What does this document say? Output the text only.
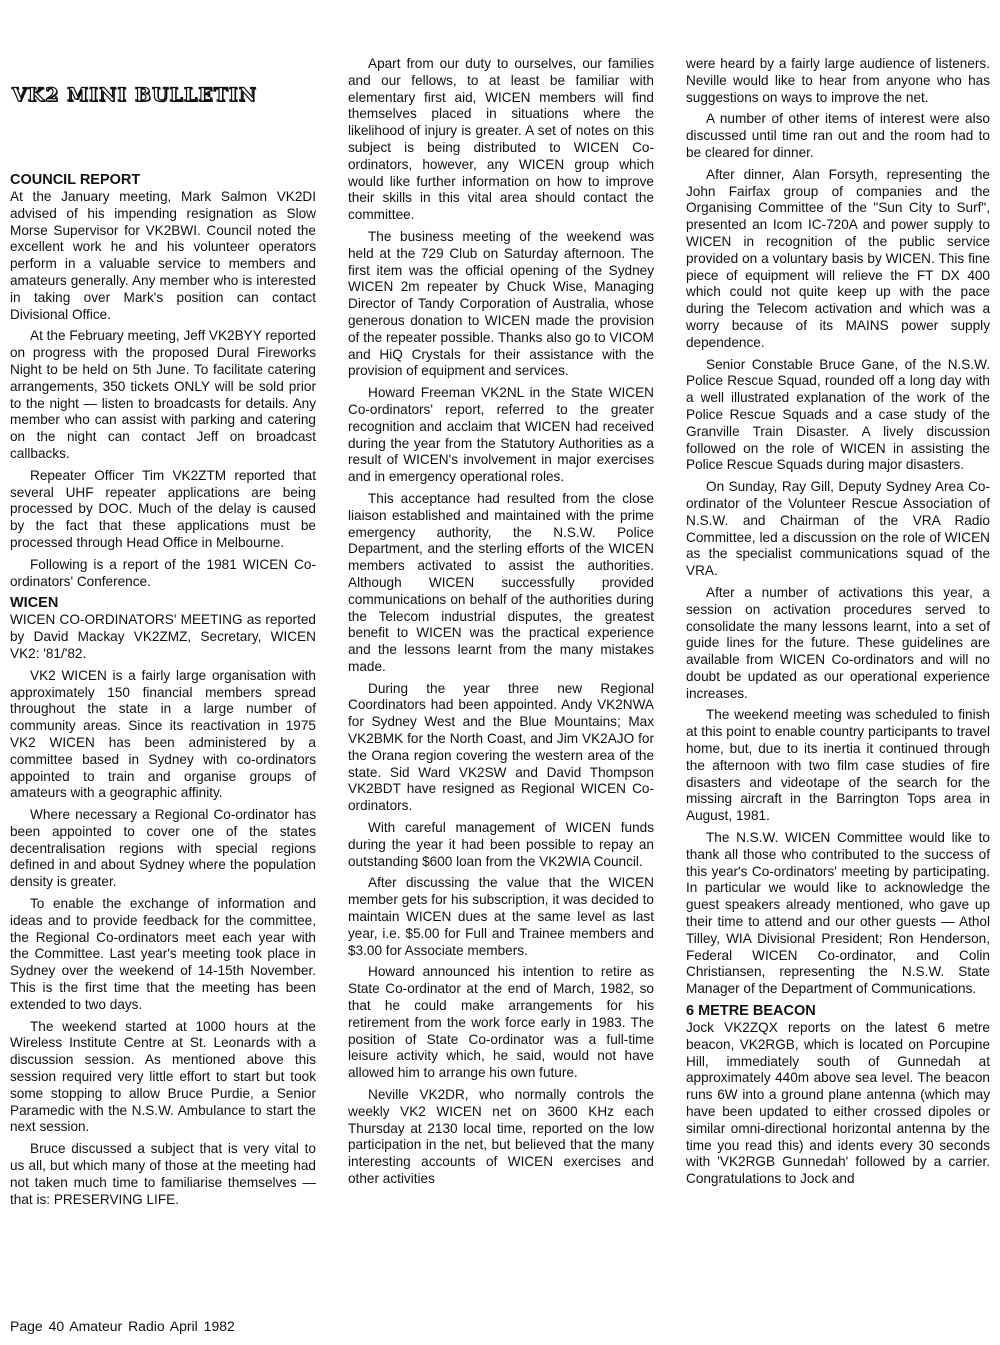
VK2 MINI BULLETIN
COUNCIL REPORT

At the January meeting, Mark Salmon VK2DI advised of his impending resignation as Slow Morse Supervisor for VK2BWI. Council noted the excellent work he and his volunteer operators perform in a valuable service to members and amateurs generally. Any member who is interested in taking over Mark's position can contact Divisional Office.

At the February meeting, Jeff VK2BYY reported on progress with the proposed Dural Fireworks Night to be held on 5th June. To facilitate catering arrangements, 350 tickets ONLY will be sold prior to the night — listen to broadcasts for details. Any member who can assist with parking and catering on the night can contact Jeff on broadcast callbacks.

Repeater Officer Tim VK2ZTM reported that several UHF repeater applications are being processed by DOC. Much of the delay is caused by the fact that these applications must be processed through Head Office in Melbourne.

Following is a report of the 1981 WICEN Co-ordinators' Conference.

WICEN

WICEN CO-ORDINATORS' MEETING as reported by David Mackay VK2ZMZ, Secretary, WICEN VK2: '81/'82.

VK2 WICEN is a fairly large organisation with approximately 150 financial members spread throughout the state in a large number of community areas. Since its reactivation in 1975 VK2 WICEN has been administered by a committee based in Sydney with co-ordinators appointed to train and organise groups of amateurs with a geographic affinity.

Where necessary a Regional Co-ordinator has been appointed to cover one of the states decentralisation regions with special regions defined in and about Sydney where the population density is greater.

To enable the exchange of information and ideas and to provide feedback for the committee, the Regional Co-ordinators meet each year with the Committee. Last year's meeting took place in Sydney over the weekend of 14-15th November. This is the first time that the meeting has been extended to two days.

The weekend started at 1000 hours at the Wireless Institute Centre at St. Leonards with a discussion session. As mentioned above this session required very little effort to start but took some stopping to allow Bruce Purdie, a Senior Paramedic with the N.S.W. Ambulance to start the next session.

Bruce discussed a subject that is very vital to us all, but which many of those at the meeting had not taken much time to familiarise themselves — that is: PRESERVING LIFE.

Apart from our duty to ourselves, our families and our fellows, to at least be familiar with elementary first aid, WICEN members will find themselves placed in situations where the likelihood of injury is greater. A set of notes on this subject is being distributed to WICEN Co-ordinators, however, any WICEN group which would like further information on how to improve their skills in this vital area should contact the committee.

The business meeting of the weekend was held at the 729 Club on Saturday afternoon. The first item was the official opening of the Sydney WICEN 2m repeater by Chuck Wise, Managing Director of Tandy Corporation of Australia, whose generous donation to WICEN made the provision of the repeater possible. Thanks also go to VICOM and HiQ Crystals for their assistance with the provision of equipment and services.

Howard Freeman VK2NL in the State WICEN Co-ordinators' report, referred to the greater recognition and acclaim that WICEN had received during the year from the Statutory Authorities as a result of WICEN's involvement in major exercises and in emergency operational roles.

This acceptance had resulted from the close liaison established and maintained with the prime emergency authority, the N.S.W. Police Department, and the sterling efforts of the WICEN members activated to assist the authorities. Although WICEN successfully provided communications on behalf of the authorities during the Telecom industrial disputes, the greatest benefit to WICEN was the practical experience and the lessons learnt from the many mistakes made.

During the year three new Regional Coordinators had been appointed. Andy VK2NWA for Sydney West and the Blue Mountains; Max VK2BMK for the North Coast, and Jim VK2AJO for the Orana region covering the western area of the state. Sid Ward VK2SW and David Thompson VK2BDT have resigned as Regional WICEN Co-ordinators.

With careful management of WICEN funds during the year it had been possible to repay an outstanding $600 loan from the VK2WIA Council.

After discussing the value that the WICEN member gets for his subscription, it was decided to maintain WICEN dues at the same level as last year, i.e. $5.00 for Full and Trainee members and $3.00 for Associate members.

Howard announced his intention to retire as State Co-ordinator at the end of March, 1982, so that he could make arrangements for his retirement from the work force early in 1983. The position of State Co-ordinator was a full-time leisure activity which, he said, would not have allowed him to arrange his own future.

Neville VK2DR, who normally controls the weekly VK2 WICEN net on 3600 KHz each Thursday at 2130 local time, reported on the low participation in the net, but believed that the many interesting accounts of WICEN exercises and other activities

were heard by a fairly large audience of listeners. Neville would like to hear from anyone who has suggestions on ways to improve the net.

A number of other items of interest were also discussed until time ran out and the room had to be cleared for dinner.

After dinner, Alan Forsyth, representing the John Fairfax group of companies and the Organising Committee of the "Sun City to Surf", presented an Icom IC-720A and power supply to WICEN in recognition of the public service provided on a voluntary basis by WICEN. This fine piece of equipment will relieve the FT DX 400 which could not quite keep up with the pace during the Telecom activation and which was a worry because of its MAINS power supply dependence.

Senior Constable Bruce Gane, of the N.S.W. Police Rescue Squad, rounded off a long day with a well illustrated explanation of the work of the Police Rescue Squads and a case study of the Granville Train Disaster. A lively discussion followed on the role of WICEN in assisting the Police Rescue Squads during major disasters.

On Sunday, Ray Gill, Deputy Sydney Area Co-ordinator of the Volunteer Rescue Association of N.S.W. and Chairman of the VRA Radio Committee, led a discussion on the role of WICEN as the specialist communications squad of the VRA.

After a number of activations this year, a session on activation procedures served to consolidate the many lessons learnt, into a set of guide lines for the future. These guidelines are available from WICEN Co-ordinators and will no doubt be updated as our operational experience increases.

The weekend meeting was scheduled to finish at this point to enable country participants to travel home, but, due to its inertia it continued through the afternoon with two film case studies of fire disasters and videotape of the search for the missing aircraft in the Barrington Tops area in August, 1981.

The N.S.W. WICEN Committee would like to thank all those who contributed to the success of this year's Co-ordinators' meeting by participating. In particular we would like to acknowledge the guest speakers already mentioned, who gave up their time to attend and our other guests — Athol Tilley, WIA Divisional President; Ron Henderson, Federal WICEN Co-ordinator, and Colin Christiansen, representing the N.S.W. State Manager of the Department of Communications.

6 METRE BEACON

Jock VK2ZQX reports on the latest 6 metre beacon, VK2RGB, which is located on Porcupine Hill, immediately south of Gunnedah at approximately 440m above sea level. The beacon runs 6W into a ground plane antenna (which may have been updated to either crossed dipoles or similar omni-directional horizontal antenna by the time you read this) and idents every 30 seconds with 'VK2RGB Gunnedah' followed by a carrier. Congratulations to Jock and

Page 40 Amateur Radio April 1982
